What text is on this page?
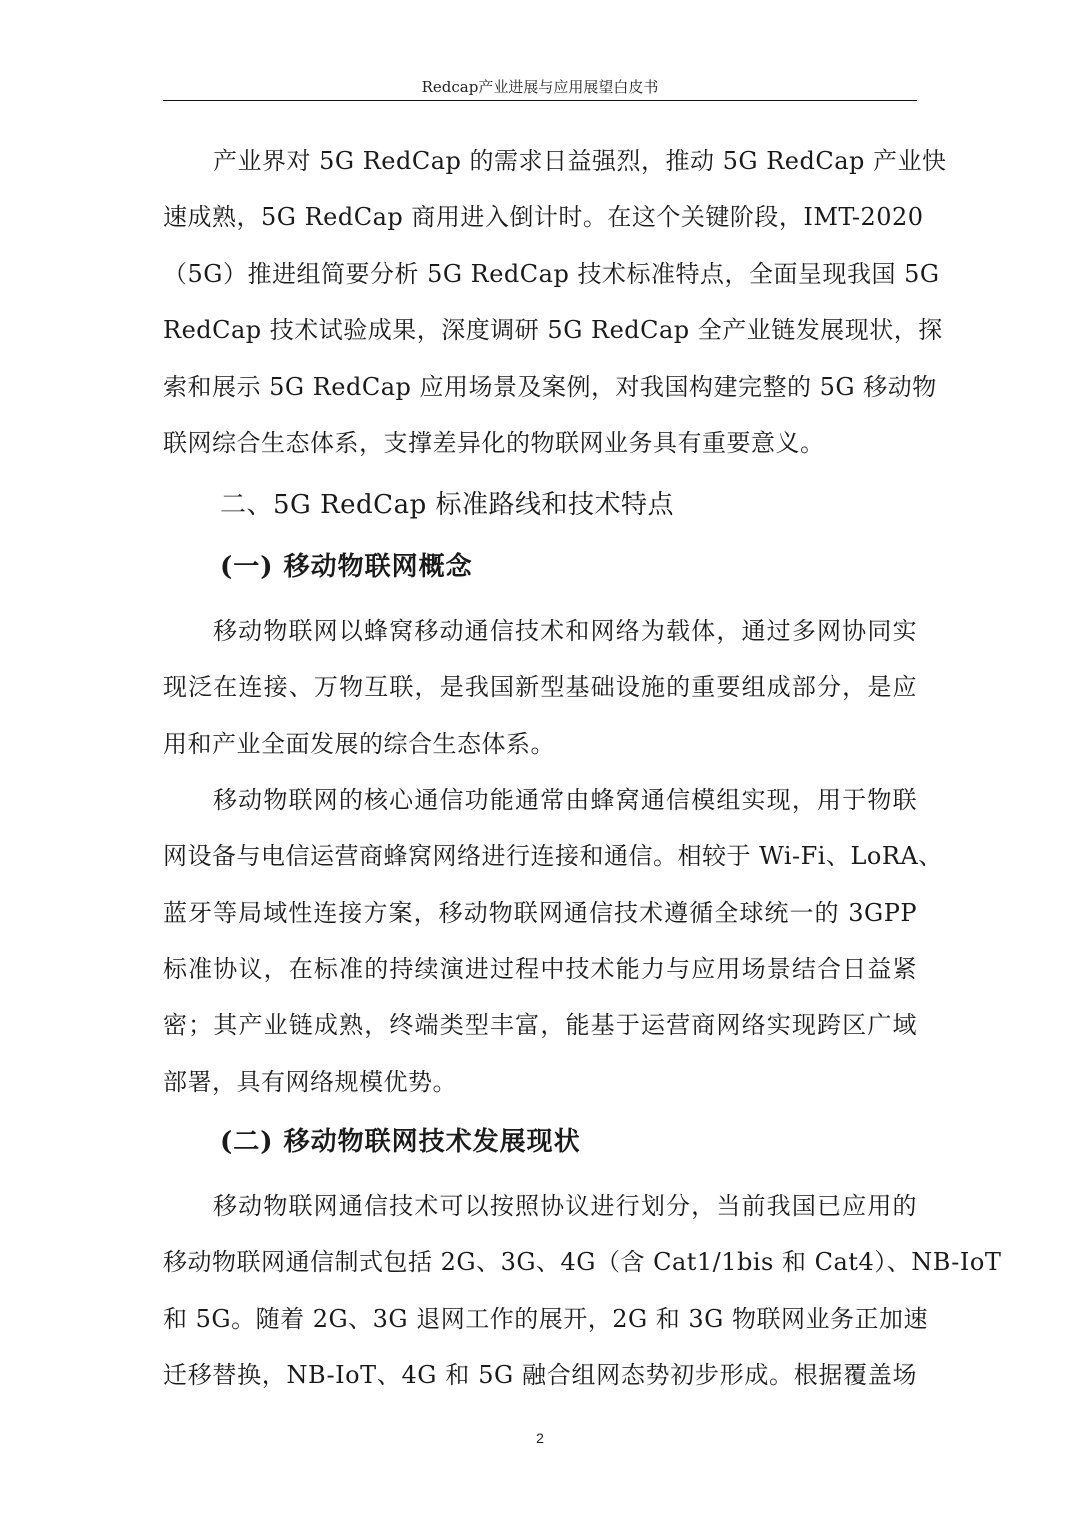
Redcap产业进展与应用展望白皮书
产业界对 5G RedCap 的需求日益强烈，推动 5G RedCap 产业快
速成熟，5G RedCap 商用进入倒计时。在这个关键阶段，IMT-2020
（5G）推进组简要分析 5G RedCap 技术标准特点，全面呈现我国 5G
RedCap 技术试验成果，深度调研 5G RedCap 全产业链发展现状，探
索和展示 5G RedCap 应用场景及案例，对我国构建完整的 5G 移动物
联网综合生态体系，支撑差异化的物联网业务具有重要意义。
二、5G RedCap 标准路线和技术特点
(一) 移动物联网概念
移动物联网以蜂窝移动通信技术和网络为载体，通过多网协同实
现泛在连接、万物互联，是我国新型基础设施的重要组成部分，是应
用和产业全面发展的综合生态体系。
移动物联网的核心通信功能通常由蜂窝通信模组实现，用于物联
网设备与电信运营商蜂窝网络进行连接和通信。相较于 Wi-Fi、LoRA、
蓝牙等局域性连接方案，移动物联网通信技术遵循全球统一的 3GPP
标准协议，在标准的持续演进过程中技术能力与应用场景结合日益紧
密；其产业链成熟，终端类型丰富，能基于运营商网络实现跨区广域
部署，具有网络规模优势。
(二) 移动物联网技术发展现状
移动物联网通信技术可以按照协议进行划分，当前我国已应用的
移动物联网通信制式包括 2G、3G、4G（含 Cat1/1bis 和 Cat4）、NB-IoT
和 5G。随着 2G、3G 退网工作的展开，2G 和 3G 物联网业务正加速
迁移替换，NB-IoT、4G 和 5G 融合组网态势初步形成。根据覆盖场
2
